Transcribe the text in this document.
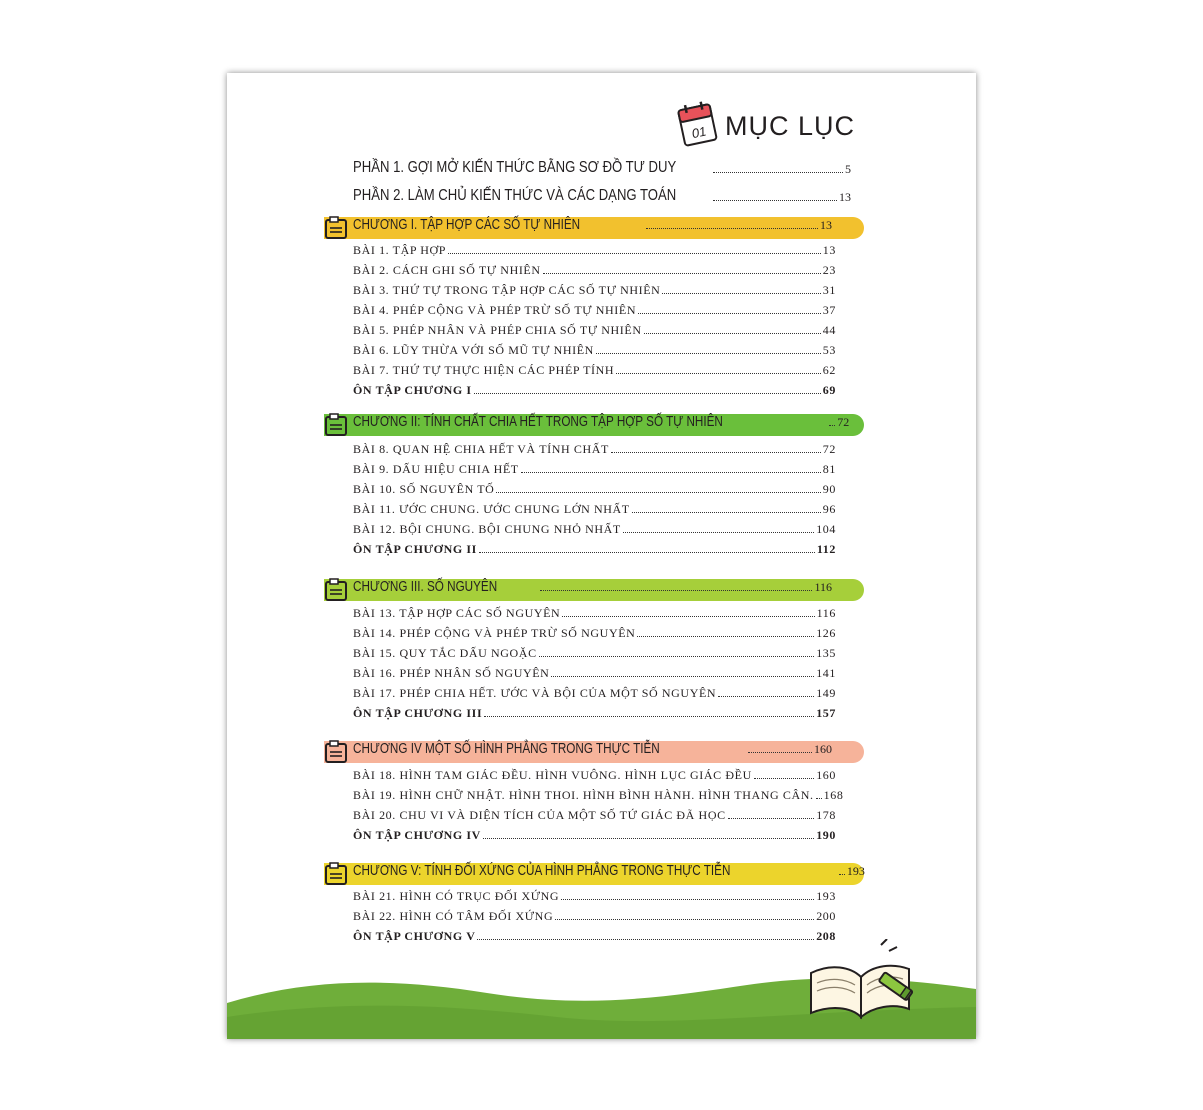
01 MỤC LỤC
PHẦN 1. GỢI MỞ KIẾN THỨC BẰNG SƠ ĐỒ TƯ DUY	5
PHẦN 2. LÀM CHỦ KIẾN THỨC VÀ CÁC DẠNG TOÁN	13
CHƯƠNG I. TẬP HỢP CÁC SỐ TỰ NHIÊN	13
BÀI 1. TẬP HỢP	13
BÀI 2. CÁCH GHI SỐ TỰ NHIÊN	23
BÀI 3. THỨ TỰ TRONG TẬP HỢP CÁC SỐ TỰ NHIÊN	31
BÀI 4. PHÉP CỘNG VÀ PHÉP TRỪ SỐ TỰ NHIÊN	37
BÀI 5. PHÉP NHÂN VÀ PHÉP CHIA SỐ TỰ NHIÊN	44
BÀI 6. LŨY THỪA VỚI SỐ MŨ TỰ NHIÊN	53
BÀI 7. THỨ TỰ THỰC HIỆN CÁC PHÉP TÍNH	62
ÔN TẬP CHƯƠNG I	69
CHƯƠNG II: TÍNH CHẤT CHIA HẾT TRONG TẬP HỢP SỐ TỰ NHIÊN	72
BÀI 8. QUAN HỆ CHIA HẾT VÀ TÍNH CHẤT	72
BÀI 9. DẤU HIỆU CHIA HẾT	81
BÀI 10. SỐ NGUYÊN TỐ	90
BÀI 11. ƯỚC CHUNG. ƯỚC CHUNG LỚN NHẤT	96
BÀI 12. BỘI CHUNG. BỘI CHUNG NHỎ NHẤT	104
ÔN TẬP CHƯƠNG II	112
CHƯƠNG III. SỐ NGUYÊN	116
BÀI 13. TẬP HỢP CÁC SỐ NGUYÊN	116
BÀI 14. PHÉP CỘNG VÀ PHÉP TRỪ SỐ NGUYÊN	126
BÀI 15. QUY TẮC DẤU NGOẶC	135
BÀI 16. PHÉP NHÂN SỐ NGUYÊN	141
BÀI 17. PHÉP CHIA HẾT. ƯỚC VÀ BỘI CỦA MỘT SỐ NGUYÊN	149
ÔN TẬP CHƯƠNG III	157
CHƯƠNG IV MỘT SỐ HÌNH PHẲNG TRONG THỰC TIỄN	160
BÀI 18. HÌNH TAM GIÁC ĐỀU. HÌNH VUÔNG. HÌNH LỤC GIÁC ĐỀU	160
BÀI 19. HÌNH CHỮ NHẬT. HÌNH THOI. HÌNH BÌNH HÀNH. HÌNH THANG CÂN. 168
BÀI 20. CHU VI VÀ DIỆN TÍCH CỦA MỘT SỐ TỨ GIÁC ĐÃ HỌC	178
ÔN TẬP CHƯƠNG IV	190
CHƯƠNG V: TÍNH ĐỐI XỨNG CỦA HÌNH PHẲNG TRONG THỰC TIỄN	193
BÀI 21. HÌNH CÓ TRỤC ĐỐI XỨNG	193
BÀI 22. HÌNH CÓ TÂM ĐỐI XỨNG	200
ÔN TẬP CHƯƠNG V	208
